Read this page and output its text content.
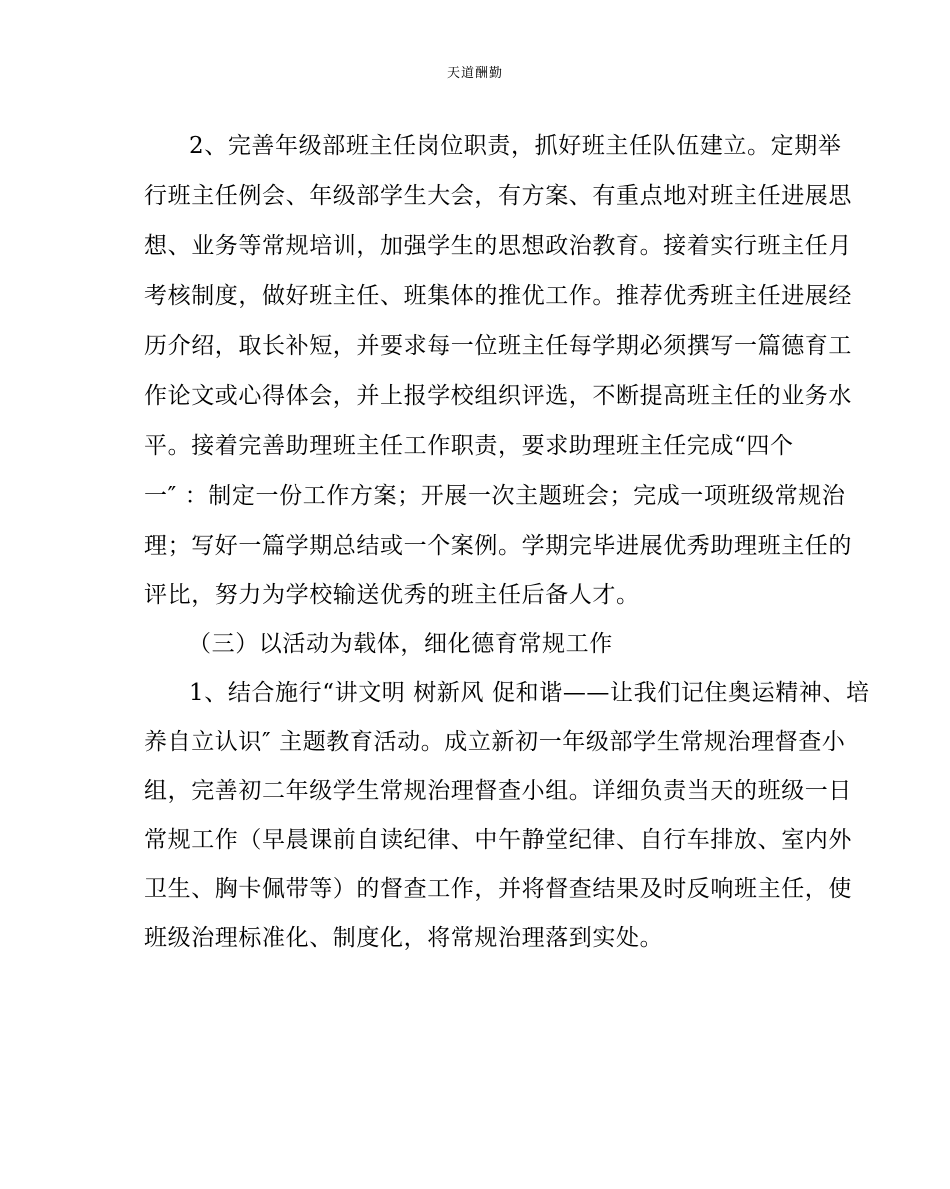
天道酬勤
2、完善年级部班主任岗位职责，抓好班主任队伍建立。定期举
行班主任例会、年级部学生大会，有方案、有重点地对班主任进展思
想、业务等常规培训，加强学生的思想政治教育。接着实行班主任月
考核制度，做好班主任、班集体的推优工作。推荐优秀班主任进展经
历介绍，取长补短，并要求每一位班主任每学期必须撰写一篇德育工
作论文或心得体会，并上报学校组织评选，不断提高班主任的业务水
平。接着完善助理班主任工作职责，要求助理班主任完成“四个
一″ ：制定一份工作方案；开展一次主题班会；完成一项班级常规治
理；写好一篇学期总结或一个案例。学期完毕进展优秀助理班主任的
评比，努力为学校输送优秀的班主任后备人才。
（三）以活动为载体，细化德育常规工作
1、结合施行“讲文明 树新风 促和谐——让我们记住奥运精神、培
养自立认识″ 主题教育活动。成立新初一年级部学生常规治理督查小
组，完善初二年级学生常规治理督查小组。详细负责当天的班级一日
常规工作（早晨课前自读纪律、中午静堂纪律、自行车排放、室内外
卫生、胸卡佩带等）的督查工作，并将督查结果及时反响班主任，使
班级治理标准化、制度化，将常规治理落到实处。
